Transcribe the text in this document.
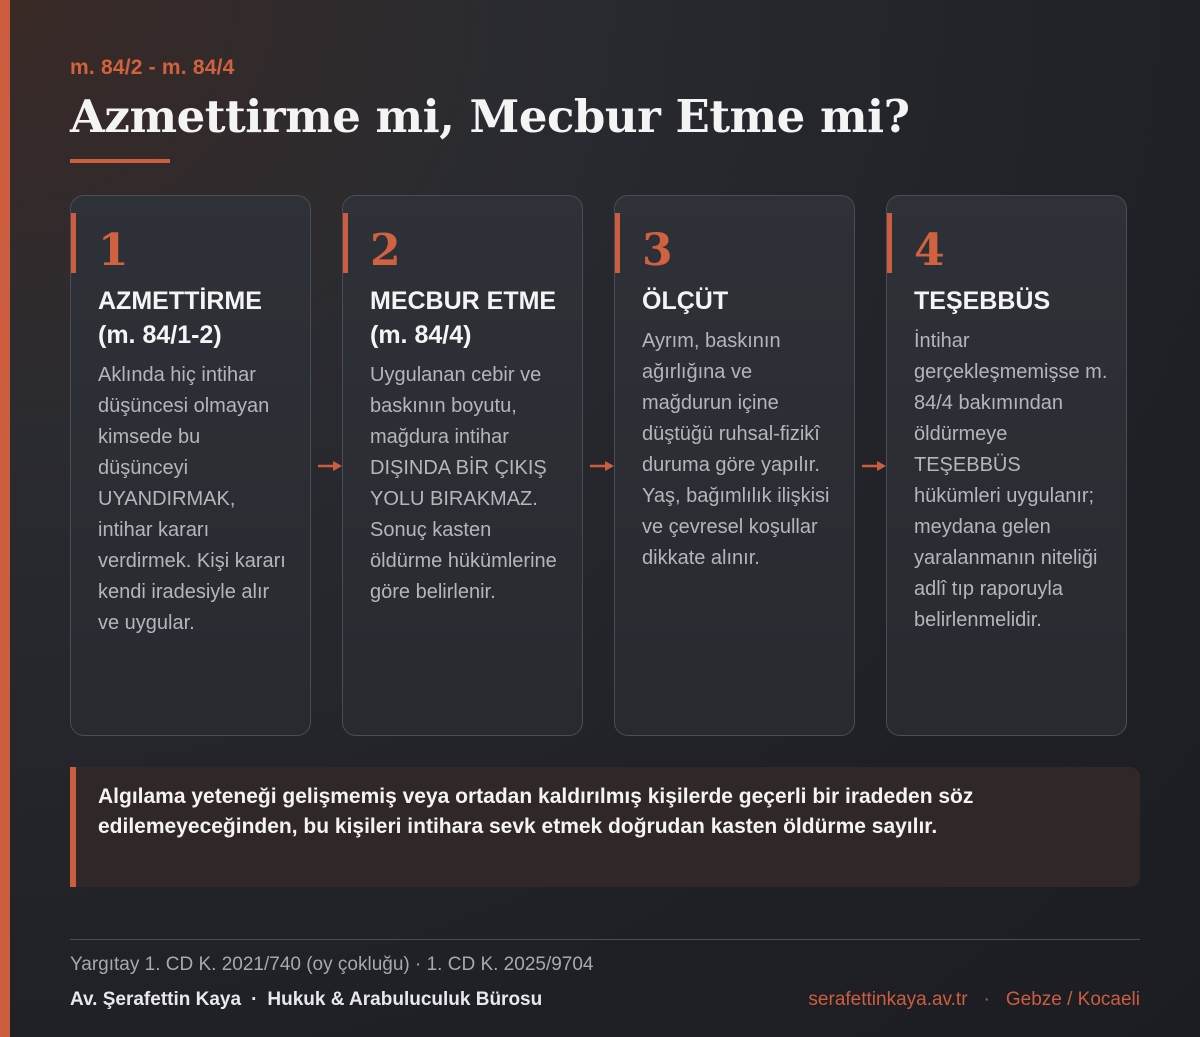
m. 84/2 - m. 84/4
Azmettirme mi, Mecbur Etme mi?
1
AZMETTİRME (m. 84/1-2)

Aklında hiç intihar düşüncesi olmayan kimsede bu düşünceyi UYANDIRMAK, intihar kararı verdirmek. Kişi kararı kendi iradesiyle alır ve uygular.

2
MECBUR ETME (m. 84/4)

Uygulanan cebir ve baskının boyutu, mağdura intihar DIŞINDA BİR ÇIKIŞ YOLU BIRAKMAZ. Sonuç kasten öldürme hükümlerine göre belirlenir.

3
ÖLÇÜT

Ayrım, baskının ağırlığına ve mağdurun içine düştüğü ruhsal-fizikî duruma göre yapılır. Yaş, bağımlılık ilişkisi ve çevresel koşullar dikkate alınır.

4
TEŞEBBÜS

İntihar gerçekleşmemişse m. 84/4 bakımından öldürmeye TEŞEBBÜS hükümleri uygulanır; meydana gelen yaralanmanın niteliği adlî tıp raporuyla belirlenmelidir.

Algılama yeteneği gelişmemiş veya ortadan kaldırılmış kişilerde geçerli bir iradeden söz edilemeyeceğinden, bu kişileri intihara sevk etmek doğrudan kasten öldürme sayılır.

Yargıtay 1. CD K. 2021/740 (oy çokluğu) · 1. CD K. 2025/9704
Av. Şerafettin Kaya · Hukuk & Arabuluculuk Bürosu	serafettinkaya.av.tr · Gebze / Kocaeli
